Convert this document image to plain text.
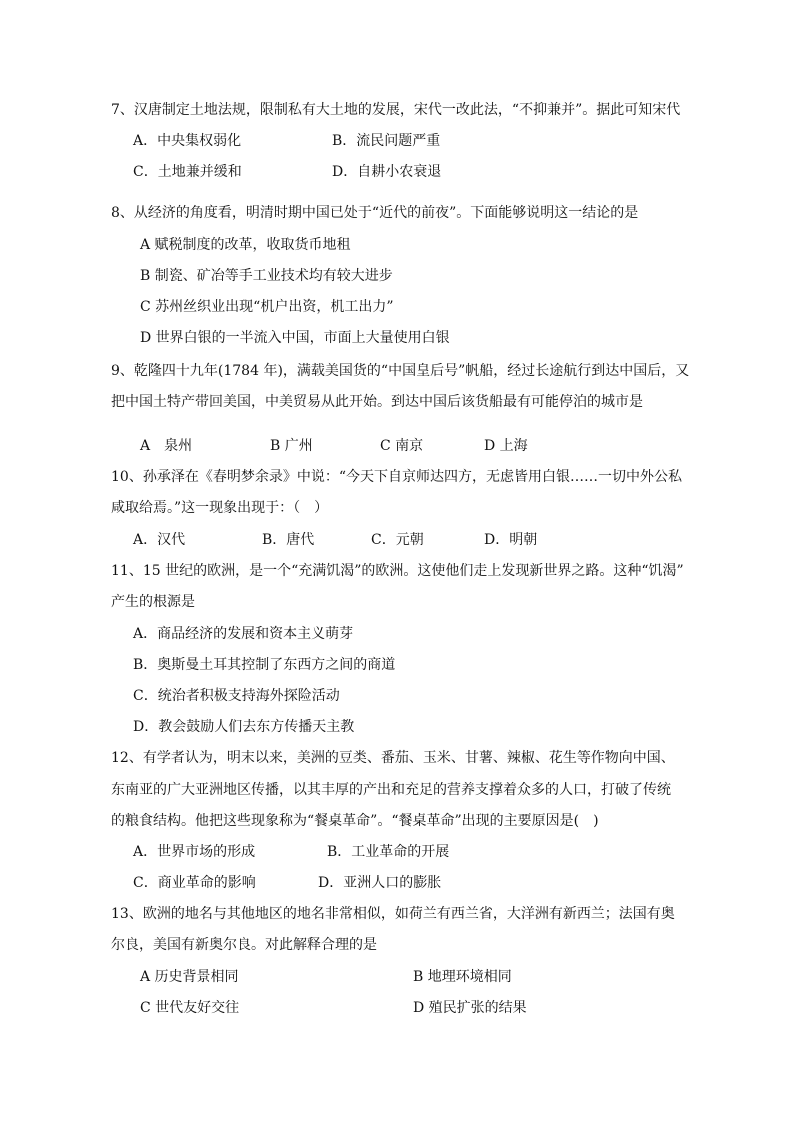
7、汉唐制定土地法规，限制私有大土地的发展，宋代一改此法，“不抑兼并”。据此可知宋代
A．中央集权弱化	B．流民问题严重
C．土地兼并缓和	D．自耕小农衰退
8、从经济的角度看，明清时期中国已处于“近代的前夜”。下面能够说明这一结论的是
A 赋税制度的改革，收取货币地租
B 制瓷、矿冶等手工业技术均有较大进步
C 苏州丝织业出现“机户出资，机工出力”
D 世界白银的一半流入中国，市面上大量使用白银
9、乾隆四十九年(1784 年)，满载美国货的“中国皇后号”帆船，经过长途航行到达中国后，又
把中国土特产带回美国，中美贸易从此开始。到达中国后该货船最有可能停泊的城市是
A　泉州	B 广州	C 南京	D 上海
10、孙承泽在《春明梦余录》中说：“今天下自京师达四方，无虑皆用白银……一切中外公私
咸取给焉。”这一现象出现于：（　）
A．汉代	B．唐代	C．元朝	D．明朝
11、15 世纪的欧洲，是一个“充满饥渴”的欧洲。这使他们走上发现新世界之路。这种“饥渴”
产生的根源是
A．商品经济的发展和资本主义萌芽
B．奥斯曼土耳其控制了东西方之间的商道
C．统治者积极支持海外探险活动
D．教会鼓励人们去东方传播天主教
12、有学者认为，明末以来，美洲的豆类、番茄、玉米、甘薯、辣椒、花生等作物向中国、
东南亚的广大亚洲地区传播，以其丰厚的产出和充足的营养支撑着众多的人口，打破了传统
的粮食结构。他把这些现象称为“餐桌革命”。“餐桌革命”出现的主要原因是(　)
A．世界市场的形成	B．工业革命的开展
C．商业革命的影响	D．亚洲人口的膨胀
13、欧洲的地名与其他地区的地名非常相似，如荷兰有西兰省，大洋洲有新西兰；法国有奥
尔良，美国有新奥尔良。对此解释合理的是
A 历史背景相同	B 地理环境相同
C 世代友好交往	D 殖民扩张的结果
